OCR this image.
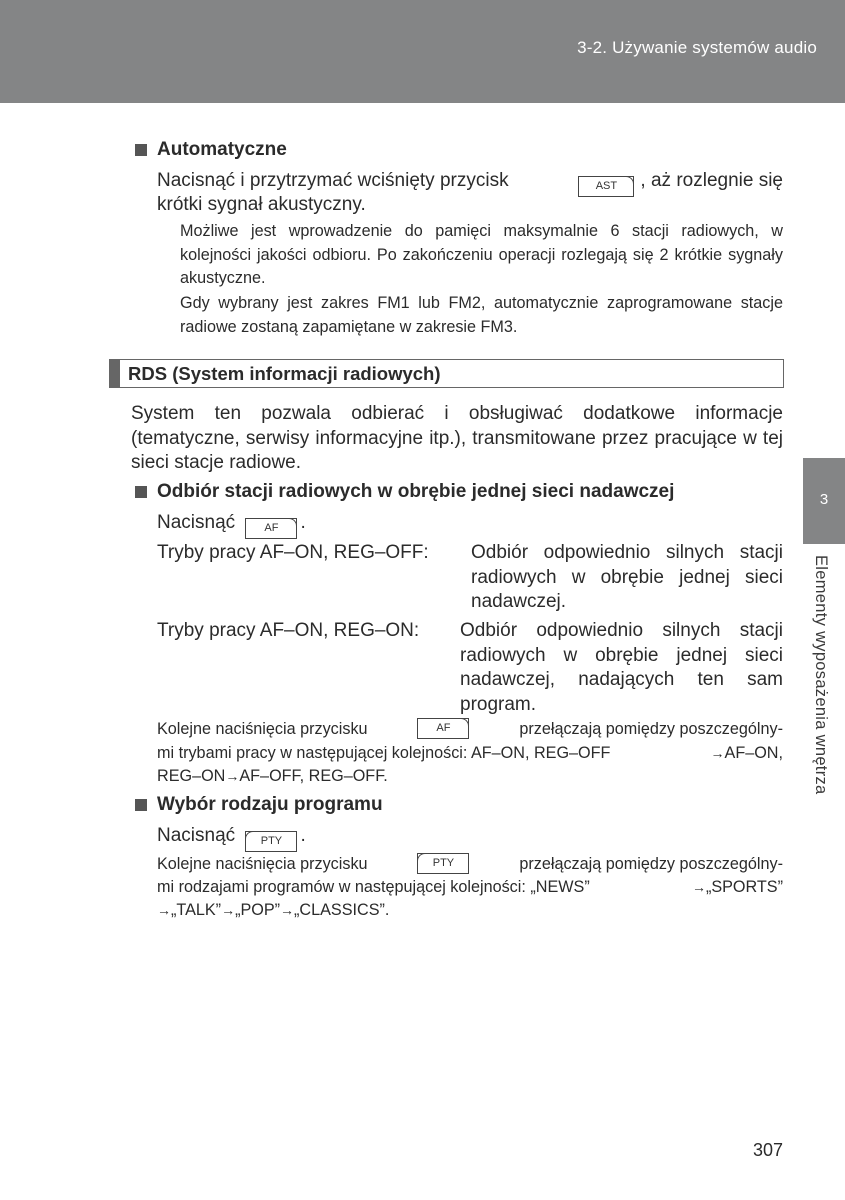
3-2. Używanie systemów audio
3
Elementy wyposażenia wnętrza
Automatyczne
Nacisnąć i przytrzymać wciśnięty przycisk	AST , aż rozlegnie się
krótki sygnał akustyczny.
Możliwe jest wprowadzenie do pamięci maksymalnie 6 stacji radiowych, w kolejności jakości odbioru. Po zakończeniu operacji rozlegają się 2 krótkie sygnały akustyczne.
Gdy wybrany jest zakres FM1 lub FM2, automatycznie zaprogramowane stacje radiowe zostaną zapamiętane w zakresie FM3.
RDS (System informacji radiowych)
System ten pozwala odbierać i obsługiwać dodatkowe informacje (tematyczne, serwisy informacyjne itp.), transmitowane przez pracujące w tej sieci stacje radiowe.
Odbiór stacji radiowych w obrębie jednej sieci nadawczej
Nacisnąć	AF .
Tryby pracy AF–ON, REG–OFF: Odbiór odpowiednio silnych stacji
radiowych w obrębie jednej sieci
nadawczej.
Tryby pracy AF–ON, REG–ON: Odbiór odpowiednio silnych stacji
radiowych w obrębie jednej sieci
nadawczej, nadających ten sam
program.
Kolejne naciśnięcia przycisku	AF	przełączają pomiędzy poszczególny-
mi trybami pracy w następującej kolejności: AF–ON, REG–OFF	→AF–ON,
REG–ON→AF–OFF, REG–OFF.
Wybór rodzaju programu
Nacisnąć PTY .
Kolejne naciśnięcia przycisku	PTY	przełączają pomiędzy poszczególny-
mi rodzajami programów w następującej kolejności: „NEWS”	→„SPORTS”
→„TALK”→„POP”→„CLASSICS”.
307
